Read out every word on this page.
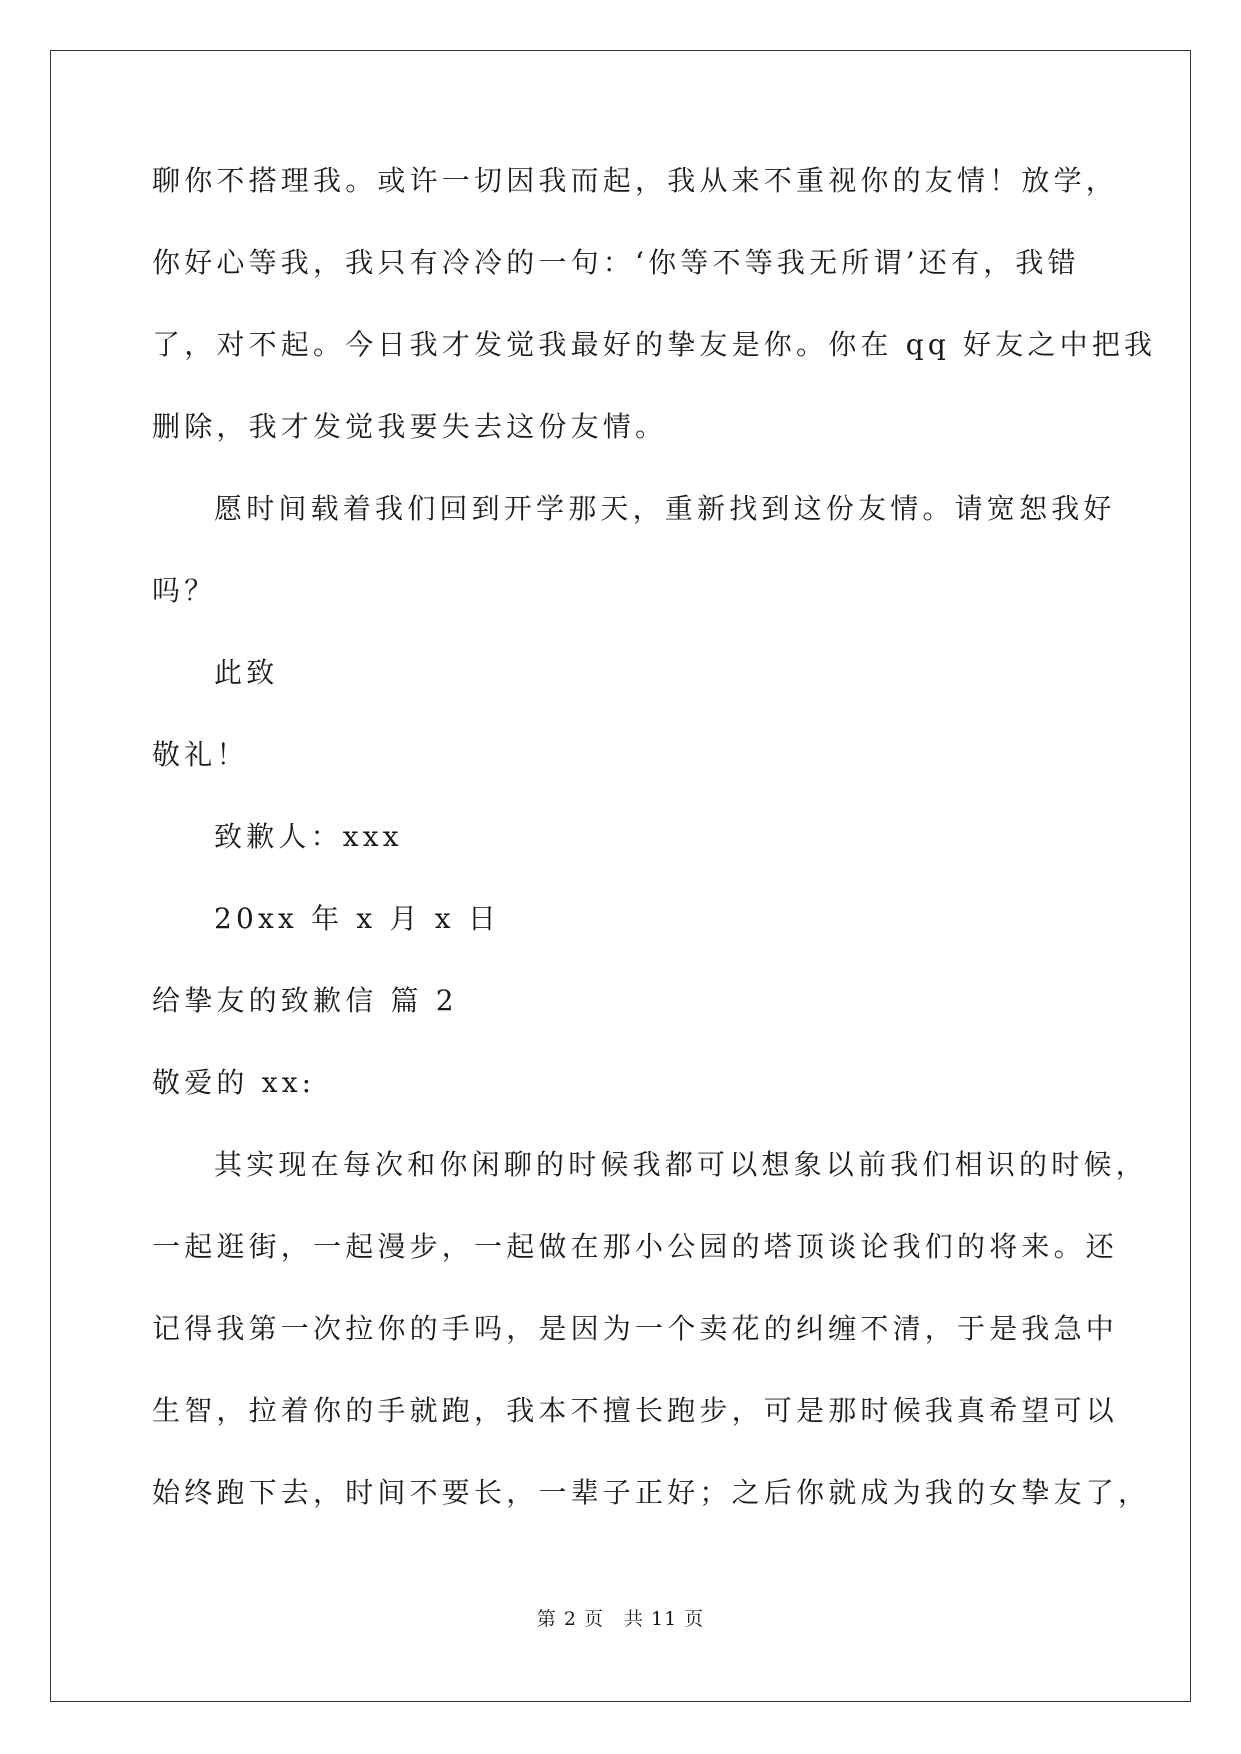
聊你不搭理我。或许一切因我而起，我从来不重视你的友情！放学，
你好心等我，我只有冷冷的一句：‘你等不等我无所谓’还有，我错
了，对不起。今日我才发觉我最好的挚友是你。你在 qq 好友之中把我
删除，我才发觉我要失去这份友情。
愿时间载着我们回到开学那天，重新找到这份友情。请宽恕我好
吗？
此致
敬礼！
致歉人：xxx
20xx 年 x 月 x 日
给挚友的致歉信 篇 2
敬爱的 xx:
其实现在每次和你闲聊的时候我都可以想象以前我们相识的时候，
一起逛街，一起漫步，一起做在那小公园的塔顶谈论我们的将来。还
记得我第一次拉你的手吗，是因为一个卖花的纠缠不清，于是我急中
生智，拉着你的手就跑，我本不擅长跑步，可是那时候我真希望可以
始终跑下去，时间不要长，一辈子正好；之后你就成为我的女挚友了，
第 2 页　共 11 页
